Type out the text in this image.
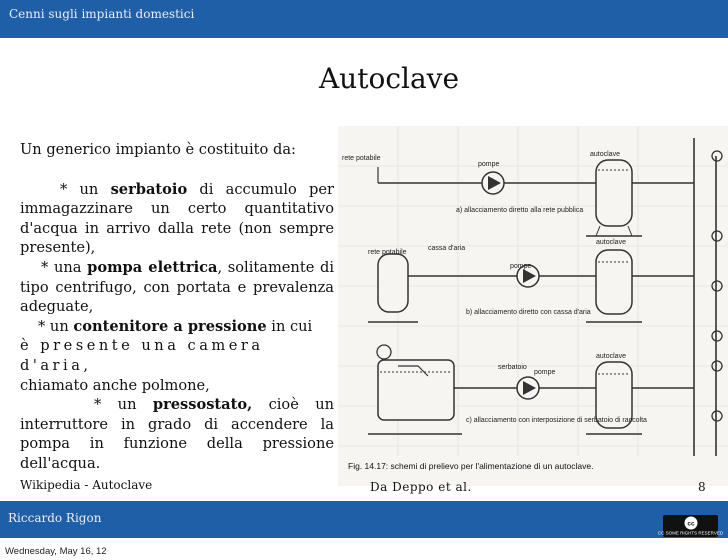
Cenni sugli impianti domestici
Autoclave

Un generico impianto è costituito da:

* un serbatoio di accumulo per immagazzinare un certo quantitativo d'acqua in arrivo dalla rete (non sempre presente),

* una pompa elettrica, solitamente di tipo centrifugo, con portata e prevalenza adeguate,

* un contenitore a pressione in cui

è presente una camera d'aria,

chiamato anche polmone,

* un pressostato, cioè un interruttore in grado di accendere la pompa in funzione della pressione dell'acqua.

rete potabile
pompe
autoclave
a) allacciamento diretto alla rete pubblica
rete potabile
cassa d'aria
pompe
autoclave
b) allacciamento diretto con cassa d'aria
serbatoio
autoclave
pompe
c) allacciamento con interposizione di serbatoio di raccolta
Fig. 14.17: schemi di prelievo per l'alimentazione di un autoclave.
Wikipedia - Autoclave	Da Deppo et al.	8
Riccardo Rigon	cc
CC SOME RIGHTS RESERVED
Wednesday, May 16, 12
